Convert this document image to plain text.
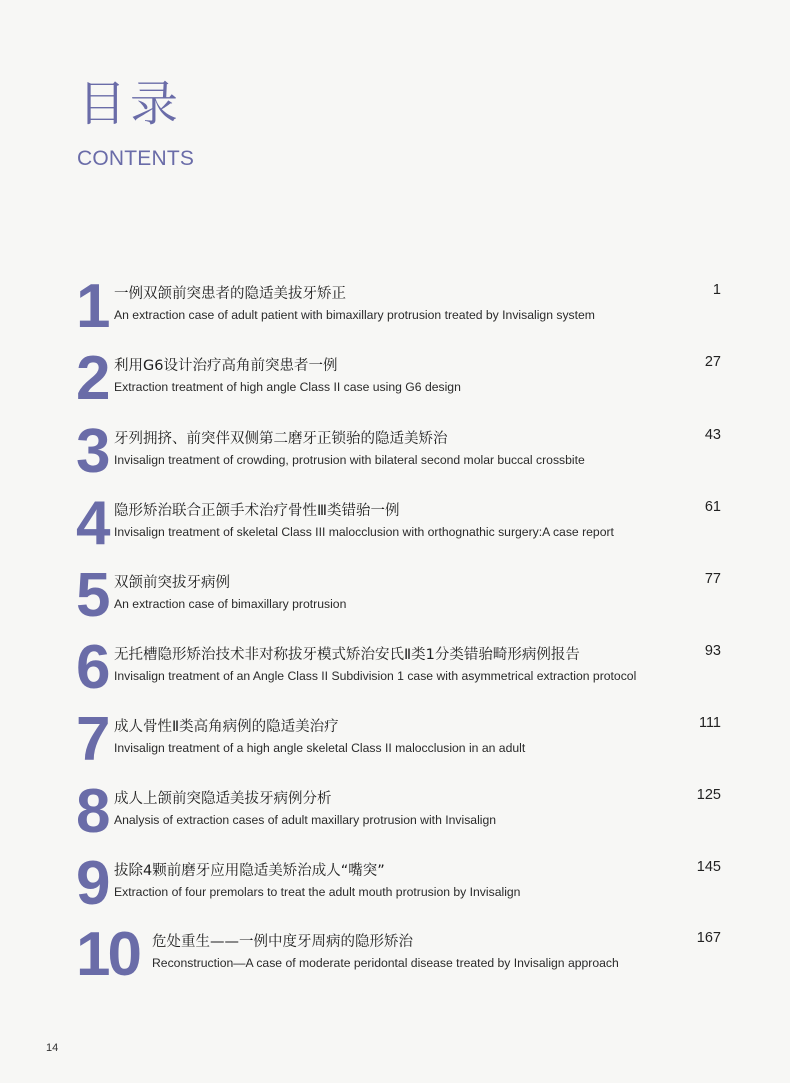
目录
CONTENTS
1 一例双颌前突患者的隐适美拔牙矫正
An extraction case of adult patient with bimaxillary protrusion treated by Invisalign system
1
2 利用G6设计治疗高角前突患者一例
Extraction treatment of high angle Class II case using G6 design
27
3 牙列拥挤、前突伴双侧第二磨牙正锁骀的隐适美矫治
Invisalign treatment of crowding, protrusion with bilateral second molar buccal crossbite
43
4 隐形矫治联合正颌手术治疗骨性Ⅲ类错骀一例
Invisalign treatment of skeletal Class III malocclusion with orthognathic surgery:A case report
61
5 双颌前突拔牙病例
An extraction case of bimaxillary protrusion
77
6 无托槽隐形矫治技术非对称拔牙模式矫治安氏Ⅱ类1分类错骀畸形病例报告
Invisalign treatment of an Angle Class II Subdivision 1 case with asymmetrical extraction protocol
93
7 成人骨性Ⅱ类高角病例的隐适美治疗
Invisalign treatment of a high angle skeletal Class II malocclusion in an adult
111
8 成人上颌前突隐适美拔牙病例分析
Analysis of extraction cases of adult maxillary protrusion with Invisalign
125
9 拔除4颗前磨牙应用隐适美矫治成人“嘴突”
Extraction of four premolars to treat the adult mouth protrusion by Invisalign
145
10 危处重生——一例中度牙周病的隐形矫治
Reconstruction—A case of moderate peridontal disease treated by Invisalign approach
167
14
